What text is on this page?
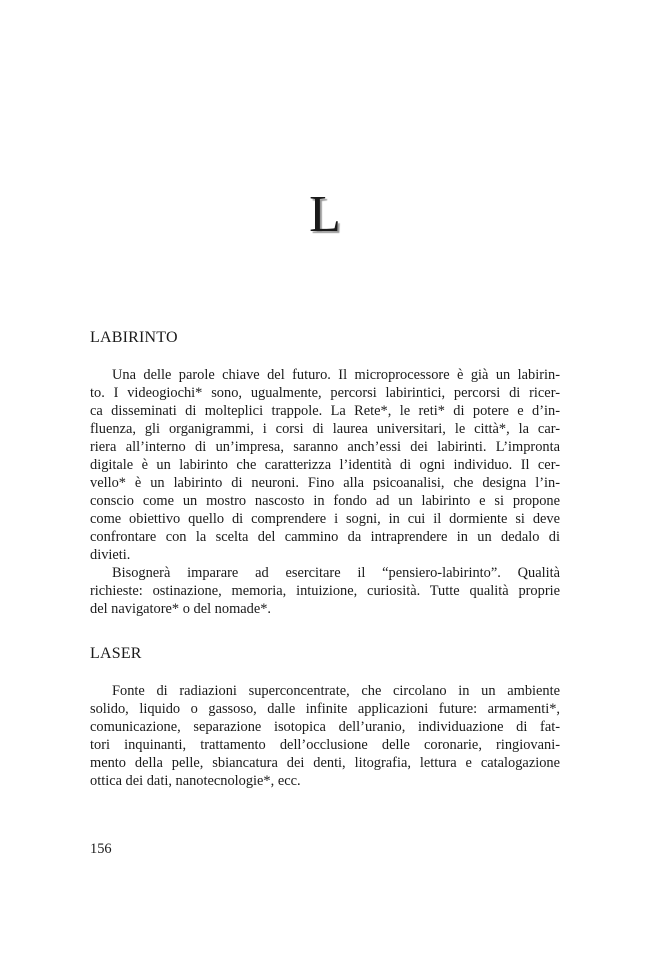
L
LABIRINTO
Una delle parole chiave del futuro. Il microprocessore è già un labirin-
to. I videogiochi* sono, ugualmente, percorsi labirintici, percorsi di ricer-
ca disseminati di molteplici trappole. La Rete*, le reti* di potere e d’in-
fluenza, gli organigrammi, i corsi di laurea universitari, le città*, la car-
riera all’interno di un’impresa, saranno anch’essi dei labirinti. L’impronta
digitale è un labirinto che caratterizza l’identità di ogni individuo. Il cer-
vello* è un labirinto di neuroni. Fino alla psicoanalisi, che designa l’in-
conscio come un mostro nascosto in fondo ad un labirinto e si propone
come obiettivo quello di comprendere i sogni, in cui il dormiente si deve
confrontare con la scelta del cammino da intraprendere in un dedalo di
divieti.
Bisognerà imparare ad esercitare il “pensiero-labirinto”. Qualità
richieste: ostinazione, memoria, intuizione, curiosità. Tutte qualità proprie
del navigatore* o del nomade*.
LASER
Fonte di radiazioni superconcentrate, che circolano in un ambiente
solido, liquido o gassoso, dalle infinite applicazioni future: armamenti*,
comunicazione, separazione isotopica dell’uranio, individuazione di fat-
tori inquinanti, trattamento dell’occlusione delle coronarie, ringiovani-
mento della pelle, sbiancatura dei denti, litografia, lettura e catalogazione
ottica dei dati, nanotecnologie*, ecc.
156
